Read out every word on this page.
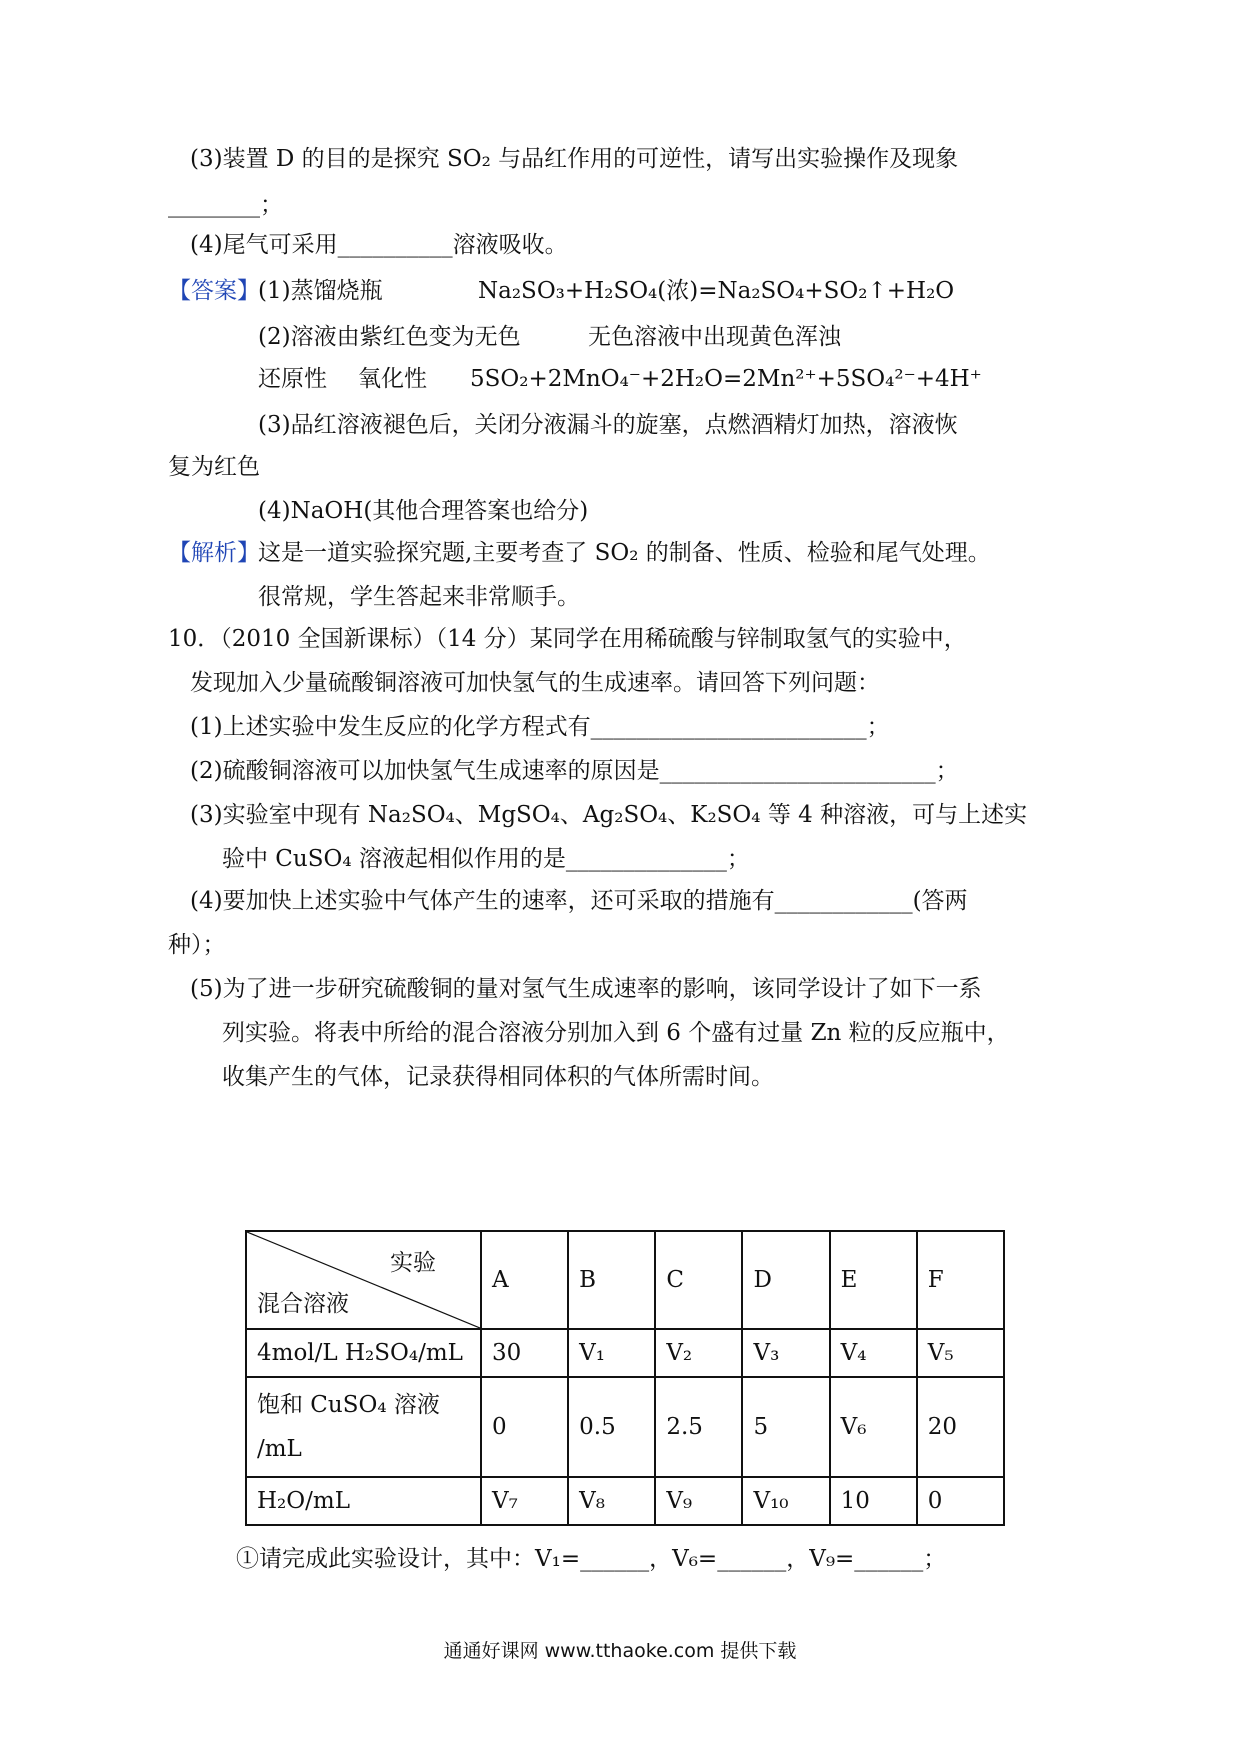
(3)装置 D 的目的是探究 SO₂ 与品红作用的可逆性，请写出实验操作及现象
________；
(4)尾气可采用__________溶液吸收。
【答案】
(1)蒸馏烧瓶	Na₂SO₃+H₂SO₄(浓)=Na₂SO₄+SO₂↑+H₂O
(2)溶液由紫红色变为无色	无色溶液中出现黄色浑浊
还原性 氧化性 5SO₂+2MnO₄⁻+2H₂O=2Mn²⁺+5SO₄²⁻+4H⁺
(3)品红溶液褪色后，关闭分液漏斗的旋塞，点燃酒精灯加热，溶液恢
复为红色
(4)NaOH(其他合理答案也给分)
【解析】
这是一道实验探究题,主要考查了 SO₂ 的制备、性质、检验和尾气处理。
很常规，学生答起来非常顺手。
10．（2010 全国新课标）（14 分）某同学在用稀硫酸与锌制取氢气的实验中，
发现加入少量硫酸铜溶液可加快氢气的生成速率。请回答下列问题：
(1)上述实验中发生反应的化学方程式有________________________；
(2)硫酸铜溶液可以加快氢气生成速率的原因是________________________；
(3)实验室中现有 Na₂SO₄、MgSO₄、Ag₂SO₄、K₂SO₄ 等 4 种溶液，可与上述实
验中 CuSO₄ 溶液起相似作用的是______________；
(4)要加快上述实验中气体产生的速率，还可采取的措施有____________(答两
种）；
(5)为了进一步研究硫酸铜的量对氢气生成速率的影响，该同学设计了如下一系
列实验。将表中所给的混合溶液分别加入到 6 个盛有过量 Zn 粒的反应瓶中，
收集产生的气体，记录获得相同体积的气体所需时间。
实验
混合溶液	A	B	C	D	E	F
4mol/L H₂SO₄/mL	30	V₁	V₂	V₃	V₄	V₅
饱和 CuSO₄ 溶液
/mL	0	0.5	2.5	5	V₆	20
H₂O/mL	V₇	V₈	V₉	V₁₀	10	0
①请完成此实验设计，其中：V₁=______，V₆=______，V₉=______；
通通好课网 www.tthaoke.com 提供下载
